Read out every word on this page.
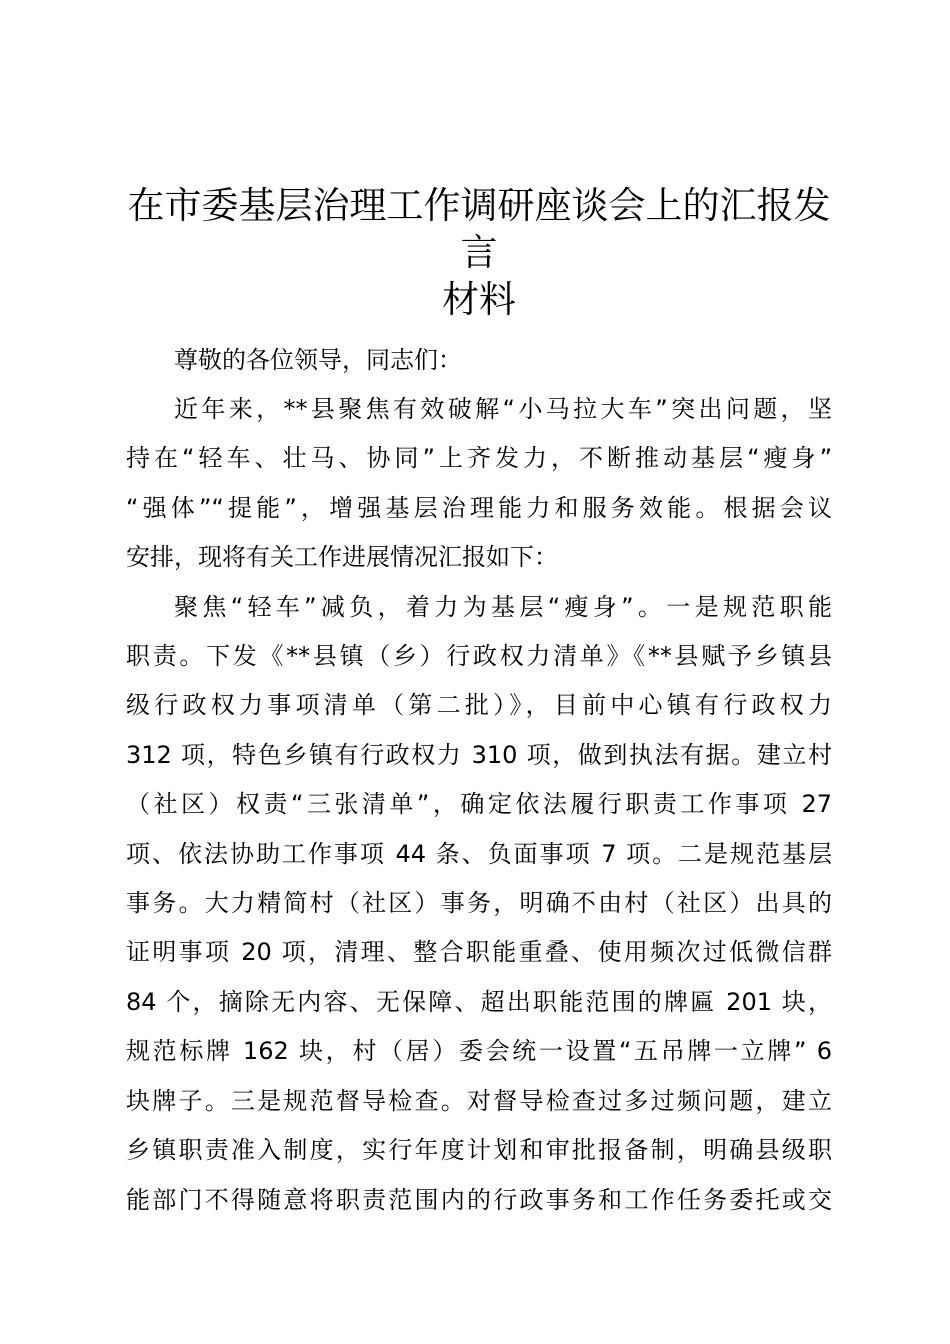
在市委基层治理工作调研座谈会上的汇报发言
材料

尊敬的各位领导，同志们：

近年来，**县聚焦有效破解“小马拉大车”突出问题，坚
持在“轻车、壮马、协同”上齐发力，不断推动基层“瘦身”
“强体”“提能”，增强基层治理能力和服务效能。根据会议
安排，现将有关工作进展情况汇报如下：

聚焦“轻车”减负，着力为基层“瘦身”。一是规范职能
职责。下发《**县镇（乡）行政权力清单》《**县赋予乡镇县
级行政权力事项清单（第二批）》，目前中心镇有行政权力
312 项，特色乡镇有行政权力 310 项，做到执法有据。建立村
（社区）权责“三张清单”，确定依法履行职责工作事项 27
项、依法协助工作事项 44 条、负面事项 7 项。二是规范基层
事务。大力精简村（社区）事务，明确不由村（社区）出具的
证明事项 20 项，清理、整合职能重叠、使用频次过低微信群
84 个，摘除无内容、无保障、超出职能范围的牌匾 201 块，
规范标牌 162 块，村（居）委会统一设置“五吊牌一立牌” 6
块牌子。三是规范督导检查。对督导检查过多过频问题，建立
乡镇职责准入制度，实行年度计划和审批报备制，明确县级职
能部门不得随意将职责范围内的行政事务和工作任务委托或交
